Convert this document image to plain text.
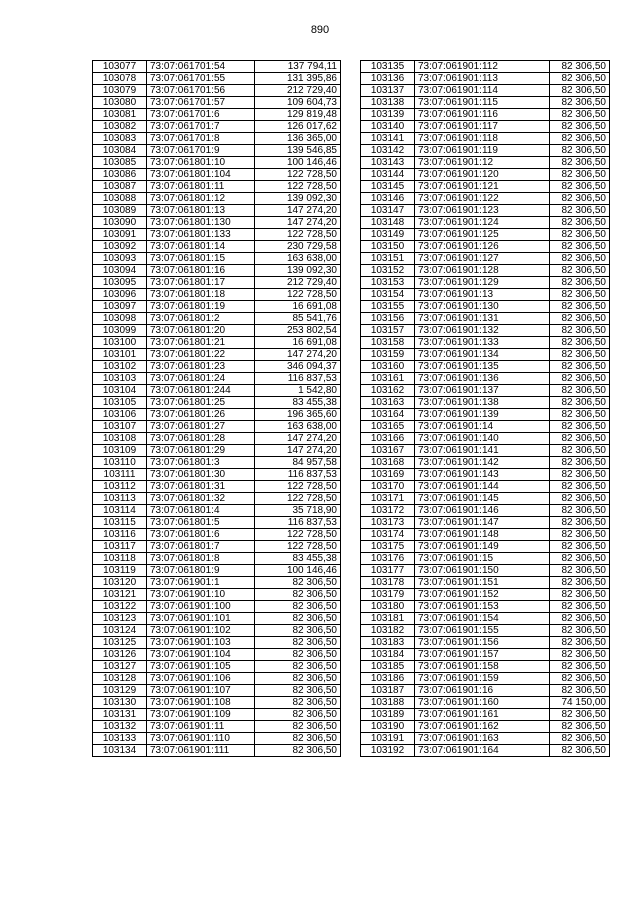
890
103077	73:07:061701:54	137 794,11
103078	73:07:061701:55	131 395,86
103079	73:07:061701:56	212 729,40
103080	73:07:061701:57	109 604,73
103081	73:07:061701:6	129 819,48
103082	73:07:061701:7	126 017,62
103083	73:07:061701:8	136 365,00
103084	73:07:061701:9	139 546,85
103085	73:07:061801:10	100 146,46
103086	73:07:061801:104	122 728,50
103087	73:07:061801:11	122 728,50
103088	73:07:061801:12	139 092,30
103089	73:07:061801:13	147 274,20
103090	73:07:061801:130	147 274,20
103091	73:07:061801:133	122 728,50
103092	73:07:061801:14	230 729,58
103093	73:07:061801:15	163 638,00
103094	73:07:061801:16	139 092,30
103095	73:07:061801:17	212 729,40
103096	73:07:061801:18	122 728,50
103097	73:07:061801:19	16 691,08
103098	73:07:061801:2	85 541,76
103099	73:07:061801:20	253 802,54
103100	73:07:061801:21	16 691,08
103101	73:07:061801:22	147 274,20
103102	73:07:061801:23	346 094,37
103103	73:07:061801:24	116 837,53
103104	73:07:061801:244	1 542,80
103105	73:07:061801:25	83 455,38
103106	73:07:061801:26	196 365,60
103107	73:07:061801:27	163 638,00
103108	73:07:061801:28	147 274,20
103109	73:07:061801:29	147 274,20
103110	73:07:061801:3	84 957,58
103111	73:07:061801:30	116 837,53
103112	73:07:061801:31	122 728,50
103113	73:07:061801:32	122 728,50
103114	73:07:061801:4	35 718,90
103115	73:07:061801:5	116 837,53
103116	73:07:061801:6	122 728,50
103117	73:07:061801:7	122 728,50
103118	73:07:061801:8	83 455,38
103119	73:07:061801:9	100 146,46
103120	73:07:061901:1	82 306,50
103121	73:07:061901:10	82 306,50
103122	73:07:061901:100	82 306,50
103123	73:07:061901:101	82 306,50
103124	73:07:061901:102	82 306,50
103125	73:07:061901:103	82 306,50
103126	73:07:061901:104	82 306,50
103127	73:07:061901:105	82 306,50
103128	73:07:061901:106	82 306,50
103129	73:07:061901:107	82 306,50
103130	73:07:061901:108	82 306,50
103131	73:07:061901:109	82 306,50
103132	73:07:061901:11	82 306,50
103133	73:07:061901:110	82 306,50
103134	73:07:061901:111	82 306,50
103135	73:07:061901:112	82 306,50
103136	73:07:061901:113	82 306,50
103137	73:07:061901:114	82 306,50
103138	73:07:061901:115	82 306,50
103139	73:07:061901:116	82 306,50
103140	73:07:061901:117	82 306,50
103141	73:07:061901:118	82 306,50
103142	73:07:061901:119	82 306,50
103143	73:07:061901:12	82 306,50
103144	73:07:061901:120	82 306,50
103145	73:07:061901:121	82 306,50
103146	73:07:061901:122	82 306,50
103147	73:07:061901:123	82 306,50
103148	73:07:061901:124	82 306,50
103149	73:07:061901:125	82 306,50
103150	73:07:061901:126	82 306,50
103151	73:07:061901:127	82 306,50
103152	73:07:061901:128	82 306,50
103153	73:07:061901:129	82 306,50
103154	73:07:061901:13	82 306,50
103155	73:07:061901:130	82 306,50
103156	73:07:061901:131	82 306,50
103157	73:07:061901:132	82 306,50
103158	73:07:061901:133	82 306,50
103159	73:07:061901:134	82 306,50
103160	73:07:061901:135	82 306,50
103161	73:07:061901:136	82 306,50
103162	73:07:061901:137	82 306,50
103163	73:07:061901:138	82 306,50
103164	73:07:061901:139	82 306,50
103165	73:07:061901:14	82 306,50
103166	73:07:061901:140	82 306,50
103167	73:07:061901:141	82 306,50
103168	73:07:061901:142	82 306,50
103169	73:07:061901:143	82 306,50
103170	73:07:061901:144	82 306,50
103171	73:07:061901:145	82 306,50
103172	73:07:061901:146	82 306,50
103173	73:07:061901:147	82 306,50
103174	73:07:061901:148	82 306,50
103175	73:07:061901:149	82 306,50
103176	73:07:061901:15	82 306,50
103177	73:07:061901:150	82 306,50
103178	73:07:061901:151	82 306,50
103179	73:07:061901:152	82 306,50
103180	73:07:061901:153	82 306,50
103181	73:07:061901:154	82 306,50
103182	73:07:061901:155	82 306,50
103183	73:07:061901:156	82 306,50
103184	73:07:061901:157	82 306,50
103185	73:07:061901:158	82 306,50
103186	73:07:061901:159	82 306,50
103187	73:07:061901:16	82 306,50
103188	73:07:061901:160	74 150,00
103189	73:07:061901:161	82 306,50
103190	73:07:061901:162	82 306,50
103191	73:07:061901:163	82 306,50
103192	73:07:061901:164	82 306,50
